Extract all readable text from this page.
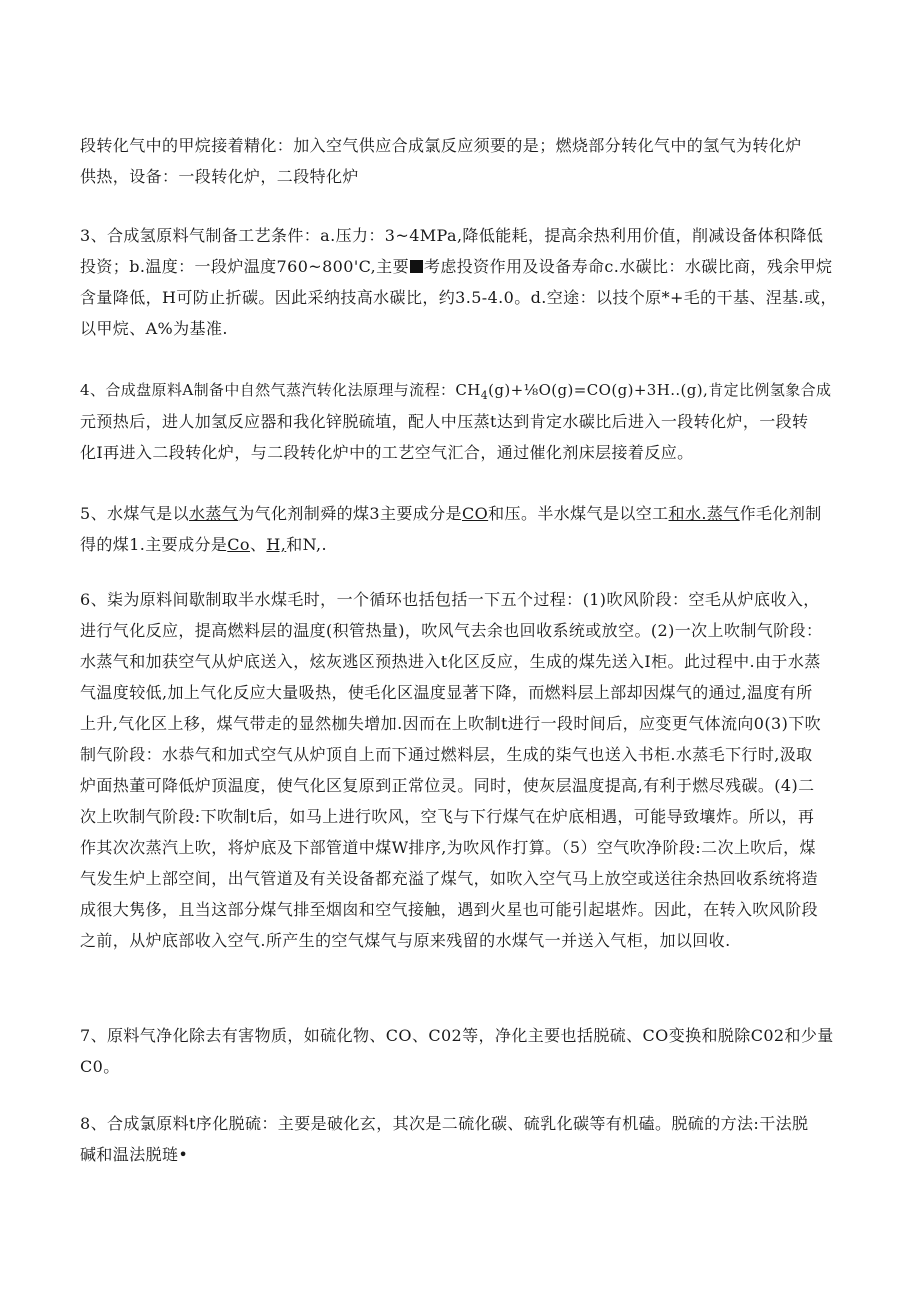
段转化气中的甲烷接着精化：加入空气供应合成氯反应须要的是；燃烧部分转化气中的氢气为转化炉

供热，设备：一段转化炉，二段特化炉

3、合成氢原料气制备工艺条件：a.压力：3~4MPa,降低能耗，提高余热利用价值，削减设备体积降低

投资；b.温度：一段炉温度760~800'C,主要 考虑投资作用及设备寿命c.水碳比：水碳比商，残余甲烷

含量降低，H可防止折碳。因此采纳技高水碳比，约3.5-4.0。d.空途：以技个原*+毛的干基、涅基.或，

以甲烷、A%为基准.

4、合成盘原料A制备中自然气蒸汽转化法原理与流程：$CH_4(g)+\frac{1}{8}O(g)=CO(g)+3H..(g)$,肯定比例氢象合成

元预热后，进人加氢反应器和我化锌脱硫埴，配人中压蒸t达到肯定水碳比后进入一段转化炉，一段转

化I再进入二段转化炉，与二段转化炉中的工艺空气汇合，通过催化剂床层接着反应。

5、水煤气是以水蒸气为气化剂制舜的煤3主要成分是CO和压。半水煤气是以空工和水.蒸气作毛化剂制

得的煤1.主要成分是Co、H,和N,.

6、柒为原料间歇制取半水煤毛时，一个循环也括包括一下五个过程：(1)吹风阶段：空毛从炉底收入，

进行气化反应，提高燃料层的温度(积管热量)，吹风气去余也回收系统或放空。(2)一次上吹制气阶段：

水蒸气和加获空气从炉底送入，炫灰逃区预热进入t化区反应，生成的煤先送入I柜。此过程中.由于水蒸

气温度较低,加上气化反应大量吸热，使毛化区温度显著下降，而燃料层上部却因煤气的通过,温度有所

上升,气化区上移，煤气带走的显然枷失增加.因而在上吹制t进行一段时间后，应变更气体流向0(3)下吹

制气阶段：水恭气和加式空气从炉顶自上而下通过燃料层，生成的柒气也送入书柜.水蒸毛下行时,汲取

炉面热董可降低炉顶温度，使气化区复原到正常位灵。同时，使灰层温度提高,有利于燃尽残碳。(4)二

次上吹制气阶段:下吹制t后，如马上进行吹风，空飞与下行煤气在炉底相遇，可能导致壤炸。所以，再

作其次次蒸汽上吹，将炉底及下部管道中煤W排序,为吹风作打算。（5）空气吹净阶段:二次上吹后，煤

气发生炉上部空间，出气管道及有关设备都充溢了煤气，如吹入空气马上放空或送往余热回收系统将造

成很大隽侈，且当这部分煤气排至烟囱和空气接触，遇到火星也可能引起堪炸。因此，在转入吹风阶段

之前，从炉底部收入空气.所产生的空气煤气与原来残留的水煤气一并送入气柜，加以回收.

7、原料气净化除去有害物质，如硫化物、CO、C02等，净化主要也括脱硫、CO变换和脱除C02和少量

C0。

8、合成氯原料t序化脱硫：主要是破化玄，其次是二硫化碳、硫乳化碳等有机磕。脱硫的方法:干法脱

碱和温法脱琏•
